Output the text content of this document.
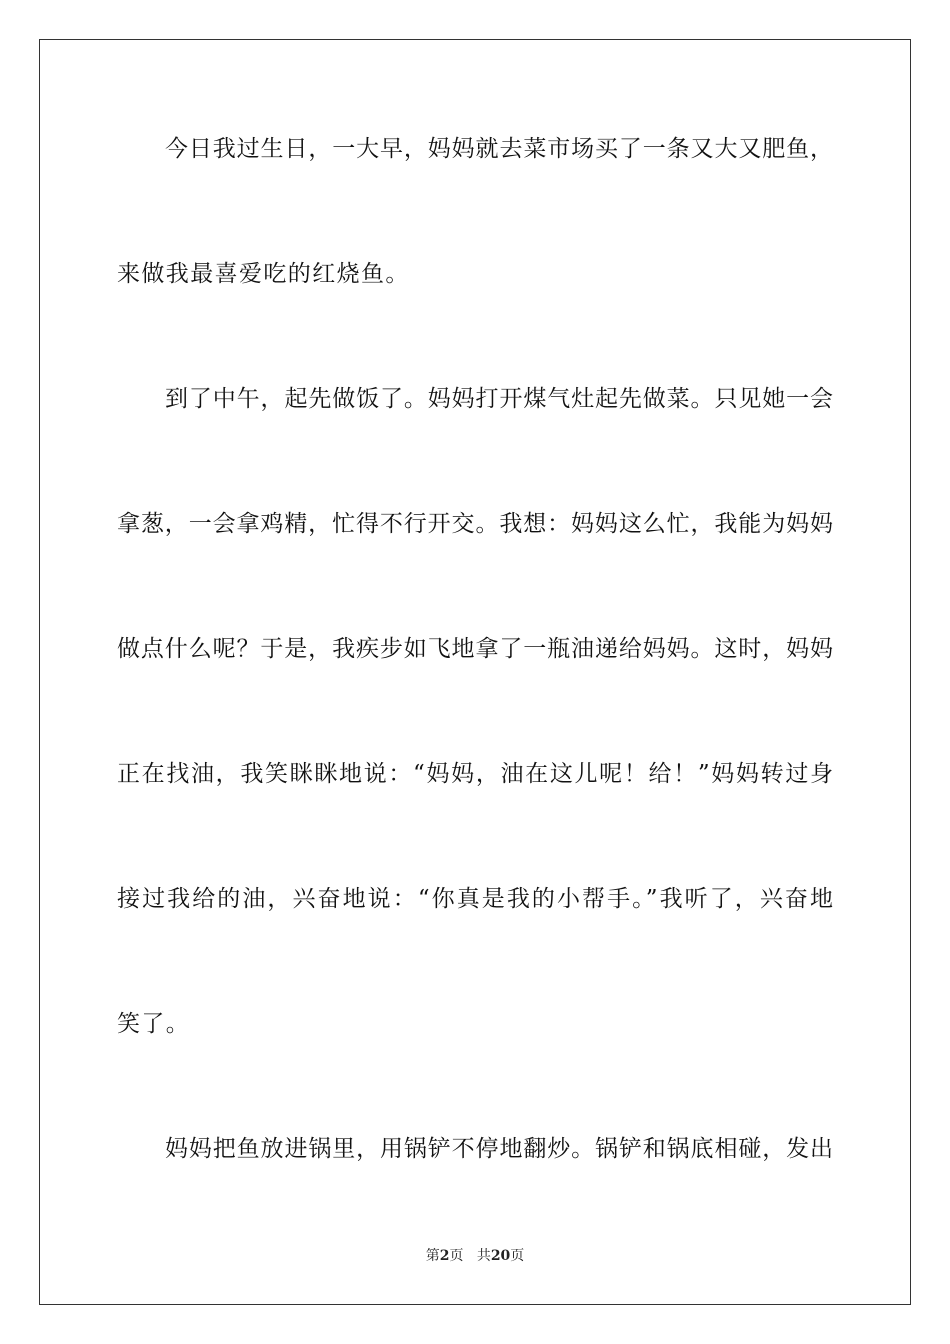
今日我过生日，一大早，妈妈就去菜市场买了一条又大又肥鱼，
来做我最喜爱吃的红烧鱼。
到了中午，起先做饭了。妈妈打开煤气灶起先做菜。只见她一会
拿葱，一会拿鸡精，忙得不行开交。我想：妈妈这么忙，我能为妈妈
做点什么呢？于是，我疾步如飞地拿了一瓶油递给妈妈。这时，妈妈
正在找油，我笑眯眯地说：“妈妈，油在这儿呢！给！”妈妈转过身
接过我给的油，兴奋地说：“你真是我的小帮手。”我听了，兴奋地
笑了。
妈妈把鱼放进锅里，用锅铲不停地翻炒。锅铲和锅底相碰，发出
第2页 共20页
